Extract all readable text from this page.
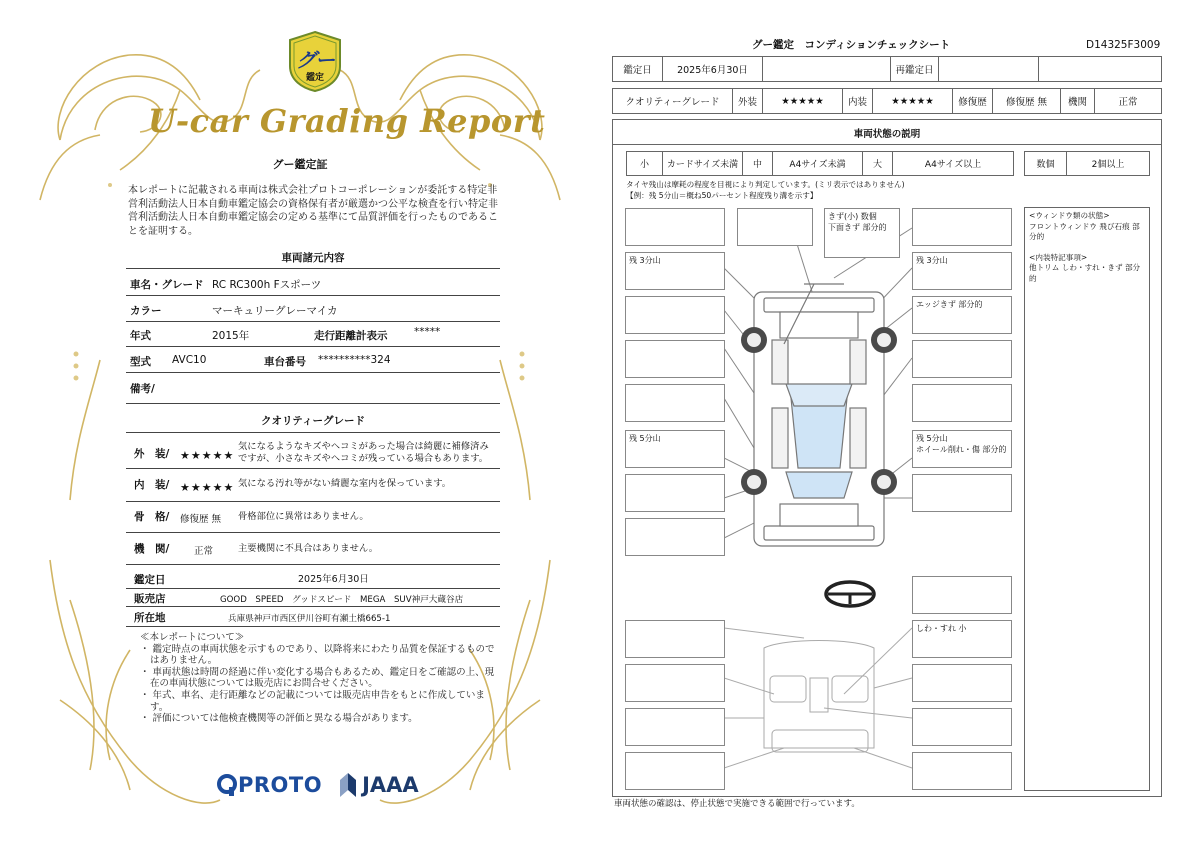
グー
鑑定
U-car Grading Report
グー鑑定証
本レポートに記載される車両は株式会社プロトコーポレーションが委託する特定非営利活動法人日本自動車鑑定協会の資格保有者が厳選かつ公平な検査を行い特定非営利活動法人日本自動車鑑定協会の定める基準にて品質評価を行ったものであることを証明する。
車両諸元内容
車名・グレード RC RC300h Fスポーツ
カラー	マーキュリーグレーマイカ
年式	2015年	走行距離計表示	*****
型式 AVC10	車台番号 **********324
備考/
クオリティーグレード
外　装/ ★★★★★
気になるようなキズやヘコミがあった場合は綺麗に補修済み
ですが、小さなキズやヘコミが残っている場合もあります。
内　装/ ★★★★★ 気になる汚れ等がない綺麗な室内を保っています。
骨　格/ 修復歴 無 骨格部位に異常はありません。
機　関/	正常	主要機関に不具合はありません。
鑑定日	2025年6月30日
販売店	GOOD　SPEED　グッドスピード　MEGA　SUV神戸大蔵谷店
所在地	兵庫県神戸市西区伊川谷町有瀬土橋665-1
≪本レポートについて≫
・ 鑑定時点の車両状態を示すものであり、以降将来にわたり品質を保証するものではありません。
・ 車両状態は時間の経過に伴い変化する場合もあるため、鑑定日をご確認の上、現在の車両状態については販売店にお問合せください。
・ 年式、車名、走行距離などの記載については販売店申告をもとに作成しています。
・ 評価については他検査機関等の評価と異なる場合があります。
PROTO JAAA
グー鑑定　コンディションチェックシート	D14325F3009
鑑定日	2025年6月30日		再鑑定日		
クオリティーグレード	外装	★★★★★	内装	★★★★★	修復歴	修復歴 無	機関	正常
車両状態の説明
小	カードサイズ未満	中	A4サイズ未満	大	A4サイズ以上	数個	2個以上
タイヤ残山は摩耗の程度を目視により判定しています。(ミリ表示ではありません)
【例：残 5分山＝概ね50パーセント程度残り溝を示す】
<ウィンドウ類の状態>
フロントウィンドウ 飛び石痕 部分的
<内装特記事項>
他トリム しわ・すれ・きず 部分的
残 3分山
残 5分山
きず(小) 数個
下面きず 部分的
残 3分山
エッジきず 部分的
残 5分山
ホイール削れ・傷 部分的
しわ・すれ 小
車両状態の確認は、停止状態で実施できる範囲で行っています。
